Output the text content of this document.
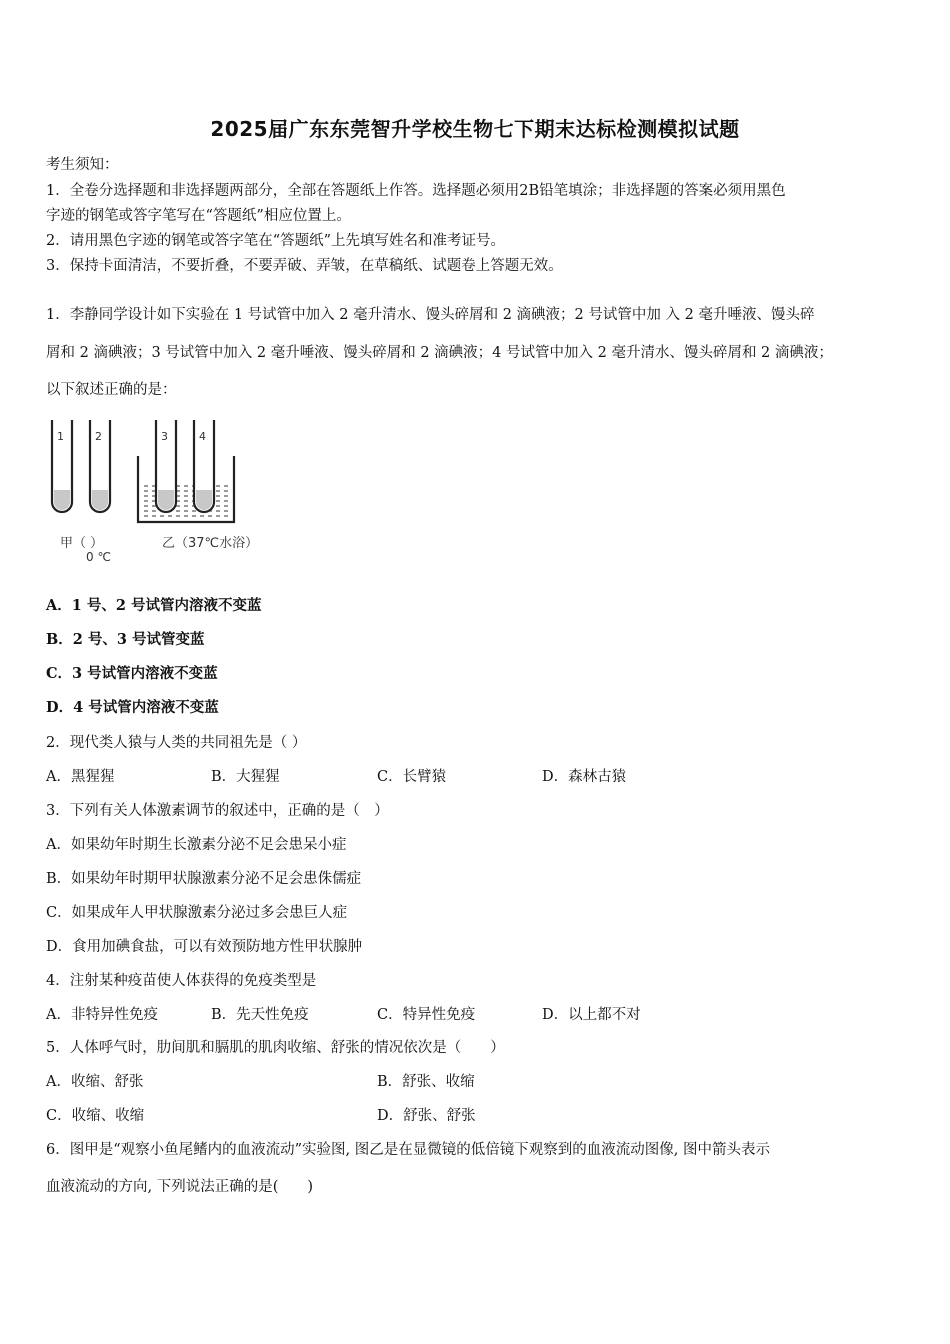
2025届广东东莞智升学校生物七下期末达标检测模拟试题
考生须知：
1．全卷分选择题和非选择题两部分，全部在答题纸上作答。选择题必须用2B铅笔填涂；非选择题的答案必须用黑色
字迹的钢笔或答字笔写在“答题纸”相应位置上。
2．请用黑色字迹的钢笔或答字笔在“答题纸”上先填写姓名和准考证号。
3．保持卡面清洁，不要折叠，不要弄破、弄皱，在草稿纸、试题卷上答题无效。
1．李静同学设计如下实验在 1 号试管中加入 2 毫升清水、馒头碎屑和 2 滴碘液；2 号试管中加 入 2 毫升唾液、馒头碎
屑和 2 滴碘液；3 号试管中加入 2 毫升唾液、馒头碎屑和 2 滴碘液；4 号试管中加入 2 毫升清水、馒头碎屑和 2 滴碘液；
以下叙述正确的是：
1	2	3	4
甲（ ）
0 ℃
乙（37℃水浴）
A．1 号、2 号试管内溶液不变蓝
B．2 号、3 号试管变蓝
C．3 号试管内溶液不变蓝
D．4 号试管内溶液不变蓝
2．现代类人猿与人类的共同祖先是（ ）
A．黑猩猩	B．大猩猩	C．长臂猿	D．森林古猿
3．下列有关人体激素调节的叙述中，正确的是（　）
A．如果幼年时期生长激素分泌不足会患呆小症
B．如果幼年时期甲状腺激素分泌不足会患侏儒症
C．如果成年人甲状腺激素分泌过多会患巨人症
D．食用加碘食盐，可以有效预防地方性甲状腺肿
4．注射某种疫苗使人体获得的免疫类型是
A．非特异性免疫	B．先天性免疫	C．特异性免疫	D．以上都不对
5．人体呼气时，肋间肌和膈肌的肌肉收缩、舒张的情况依次是（　　）
A．收缩、舒张	B．舒张、收缩
C．收缩、收缩	D．舒张、舒张
6．图甲是“观察小鱼尾鳍内的血液流动”实验图, 图乙是在显微镜的低倍镜下观察到的血液流动图像, 图中箭头表示
血液流动的方向, 下列说法正确的是(　　)
